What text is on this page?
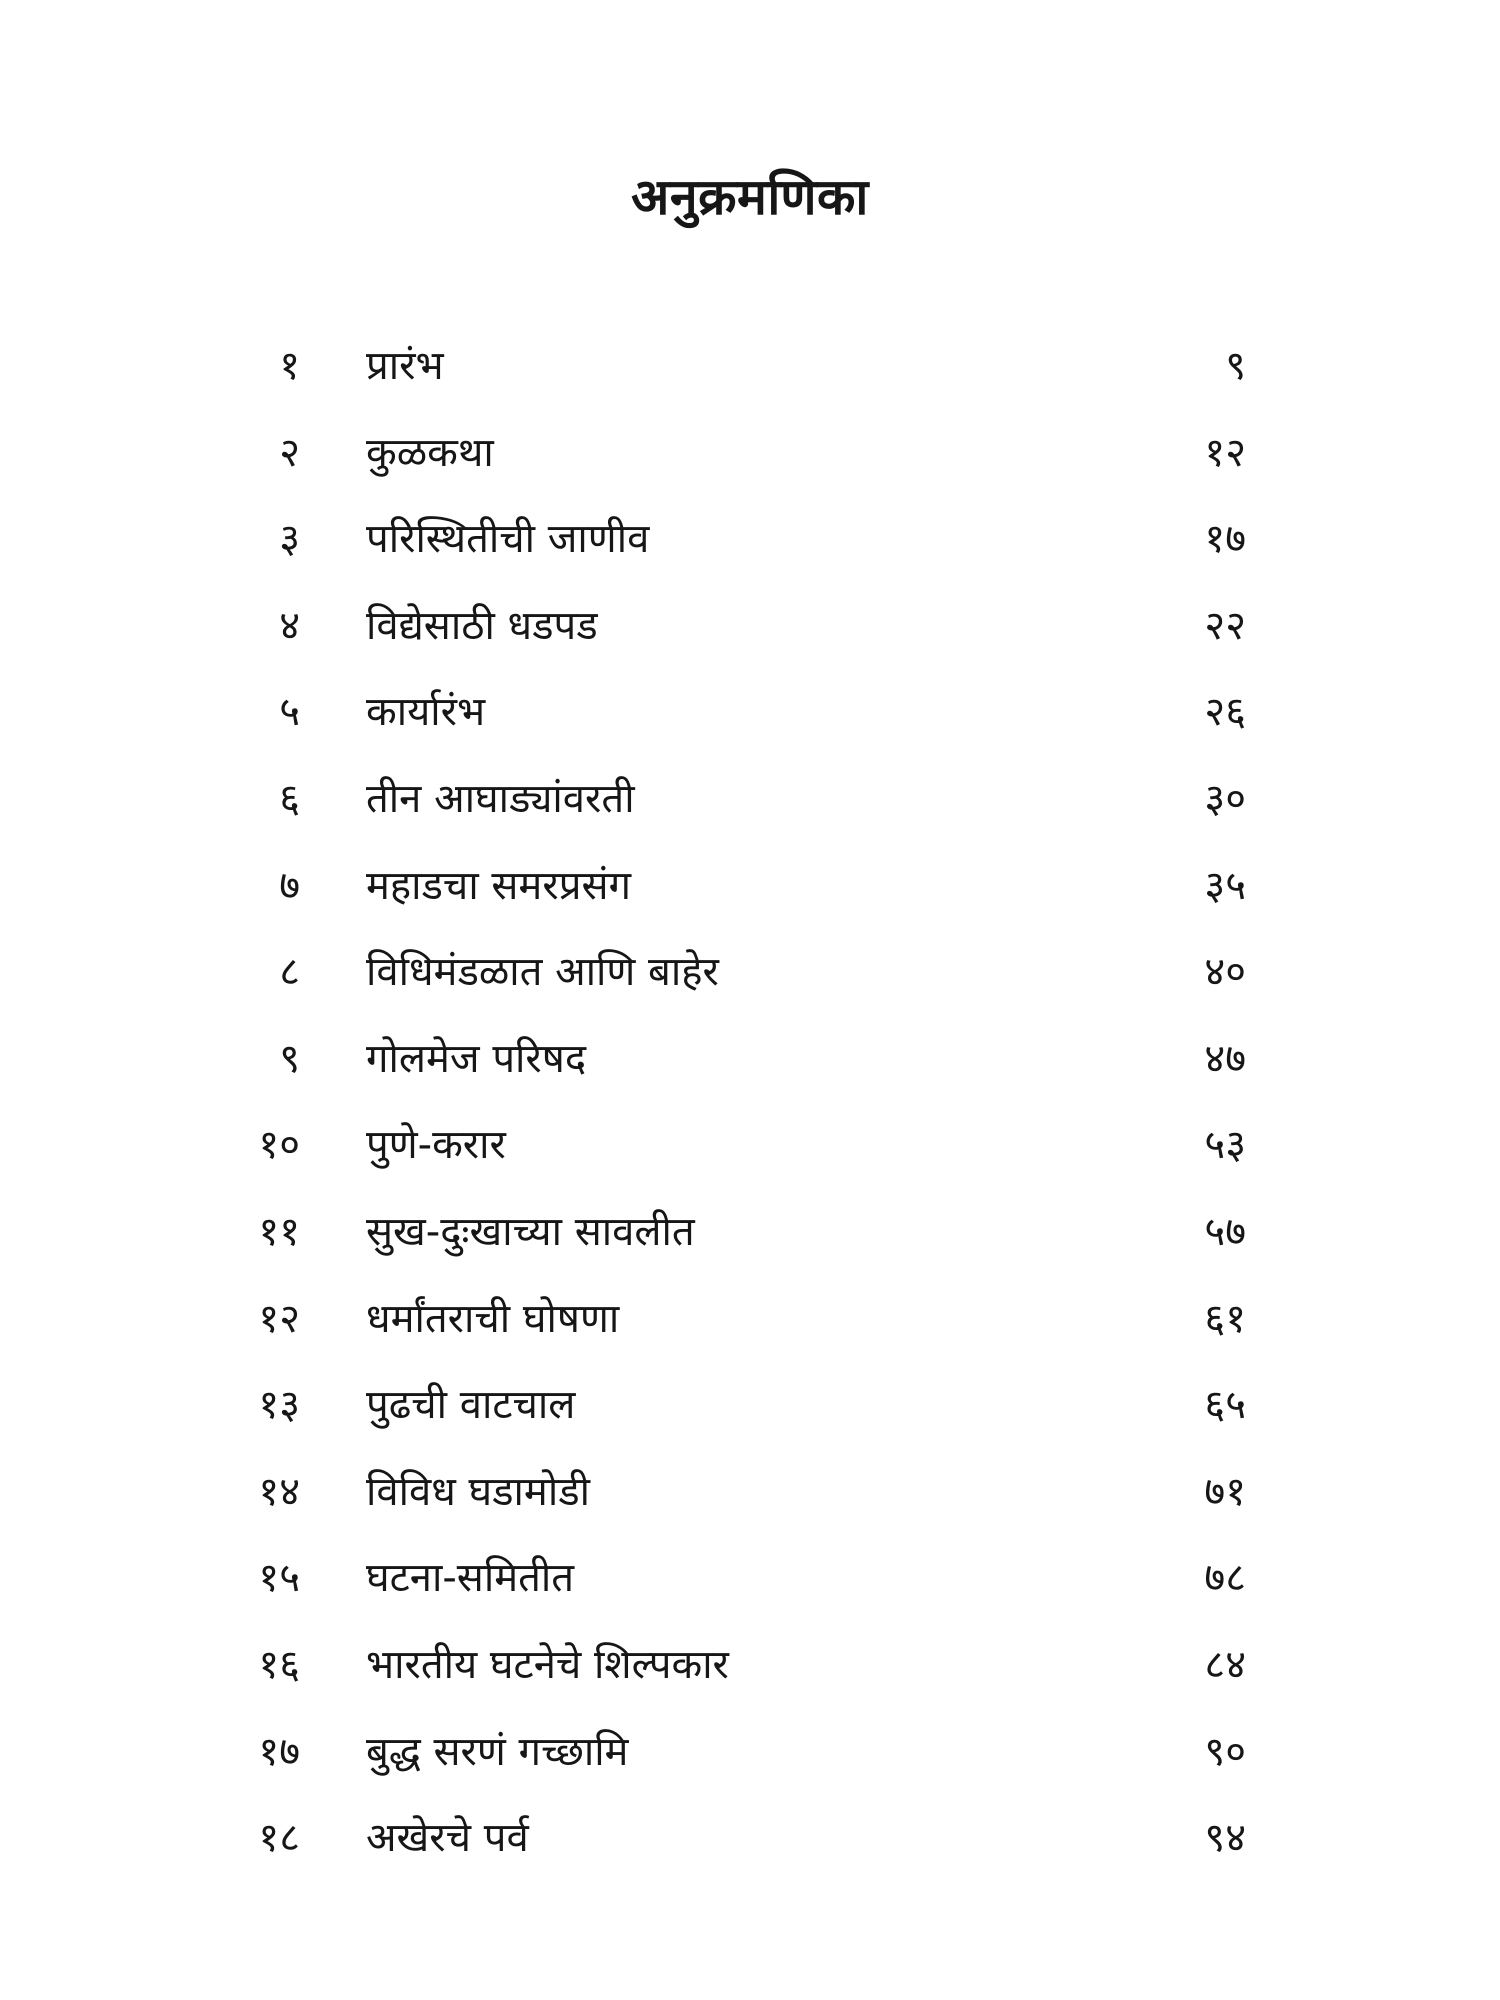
अनुक्रमणिका
१ प्रारंभ	९
२ कुळकथा	१२
३ परिस्थितीची जाणीव	१७
४ विद्येसाठी धडपड	२२
५ कार्यारंभ	२६
६ तीन आघाड्यांवरती	३०
७ महाडचा समरप्रसंग	३५
८ विधिमंडळात आणि बाहेर	४०
९ गोलमेज परिषद	४७
१० पुणे-करार	५३
११ सुख-दुःखाच्या सावलीत	५७
१२ धर्मांतराची घोषणा	६१
१३ पुढची वाटचाल	६५
१४ विविध घडामोडी	७१
१५ घटना-समितीत	७८
१६ भारतीय घटनेचे शिल्पकार	८४
१७ बुद्ध सरणं गच्छामि	९०
१८ अखेरचे पर्व	९४
